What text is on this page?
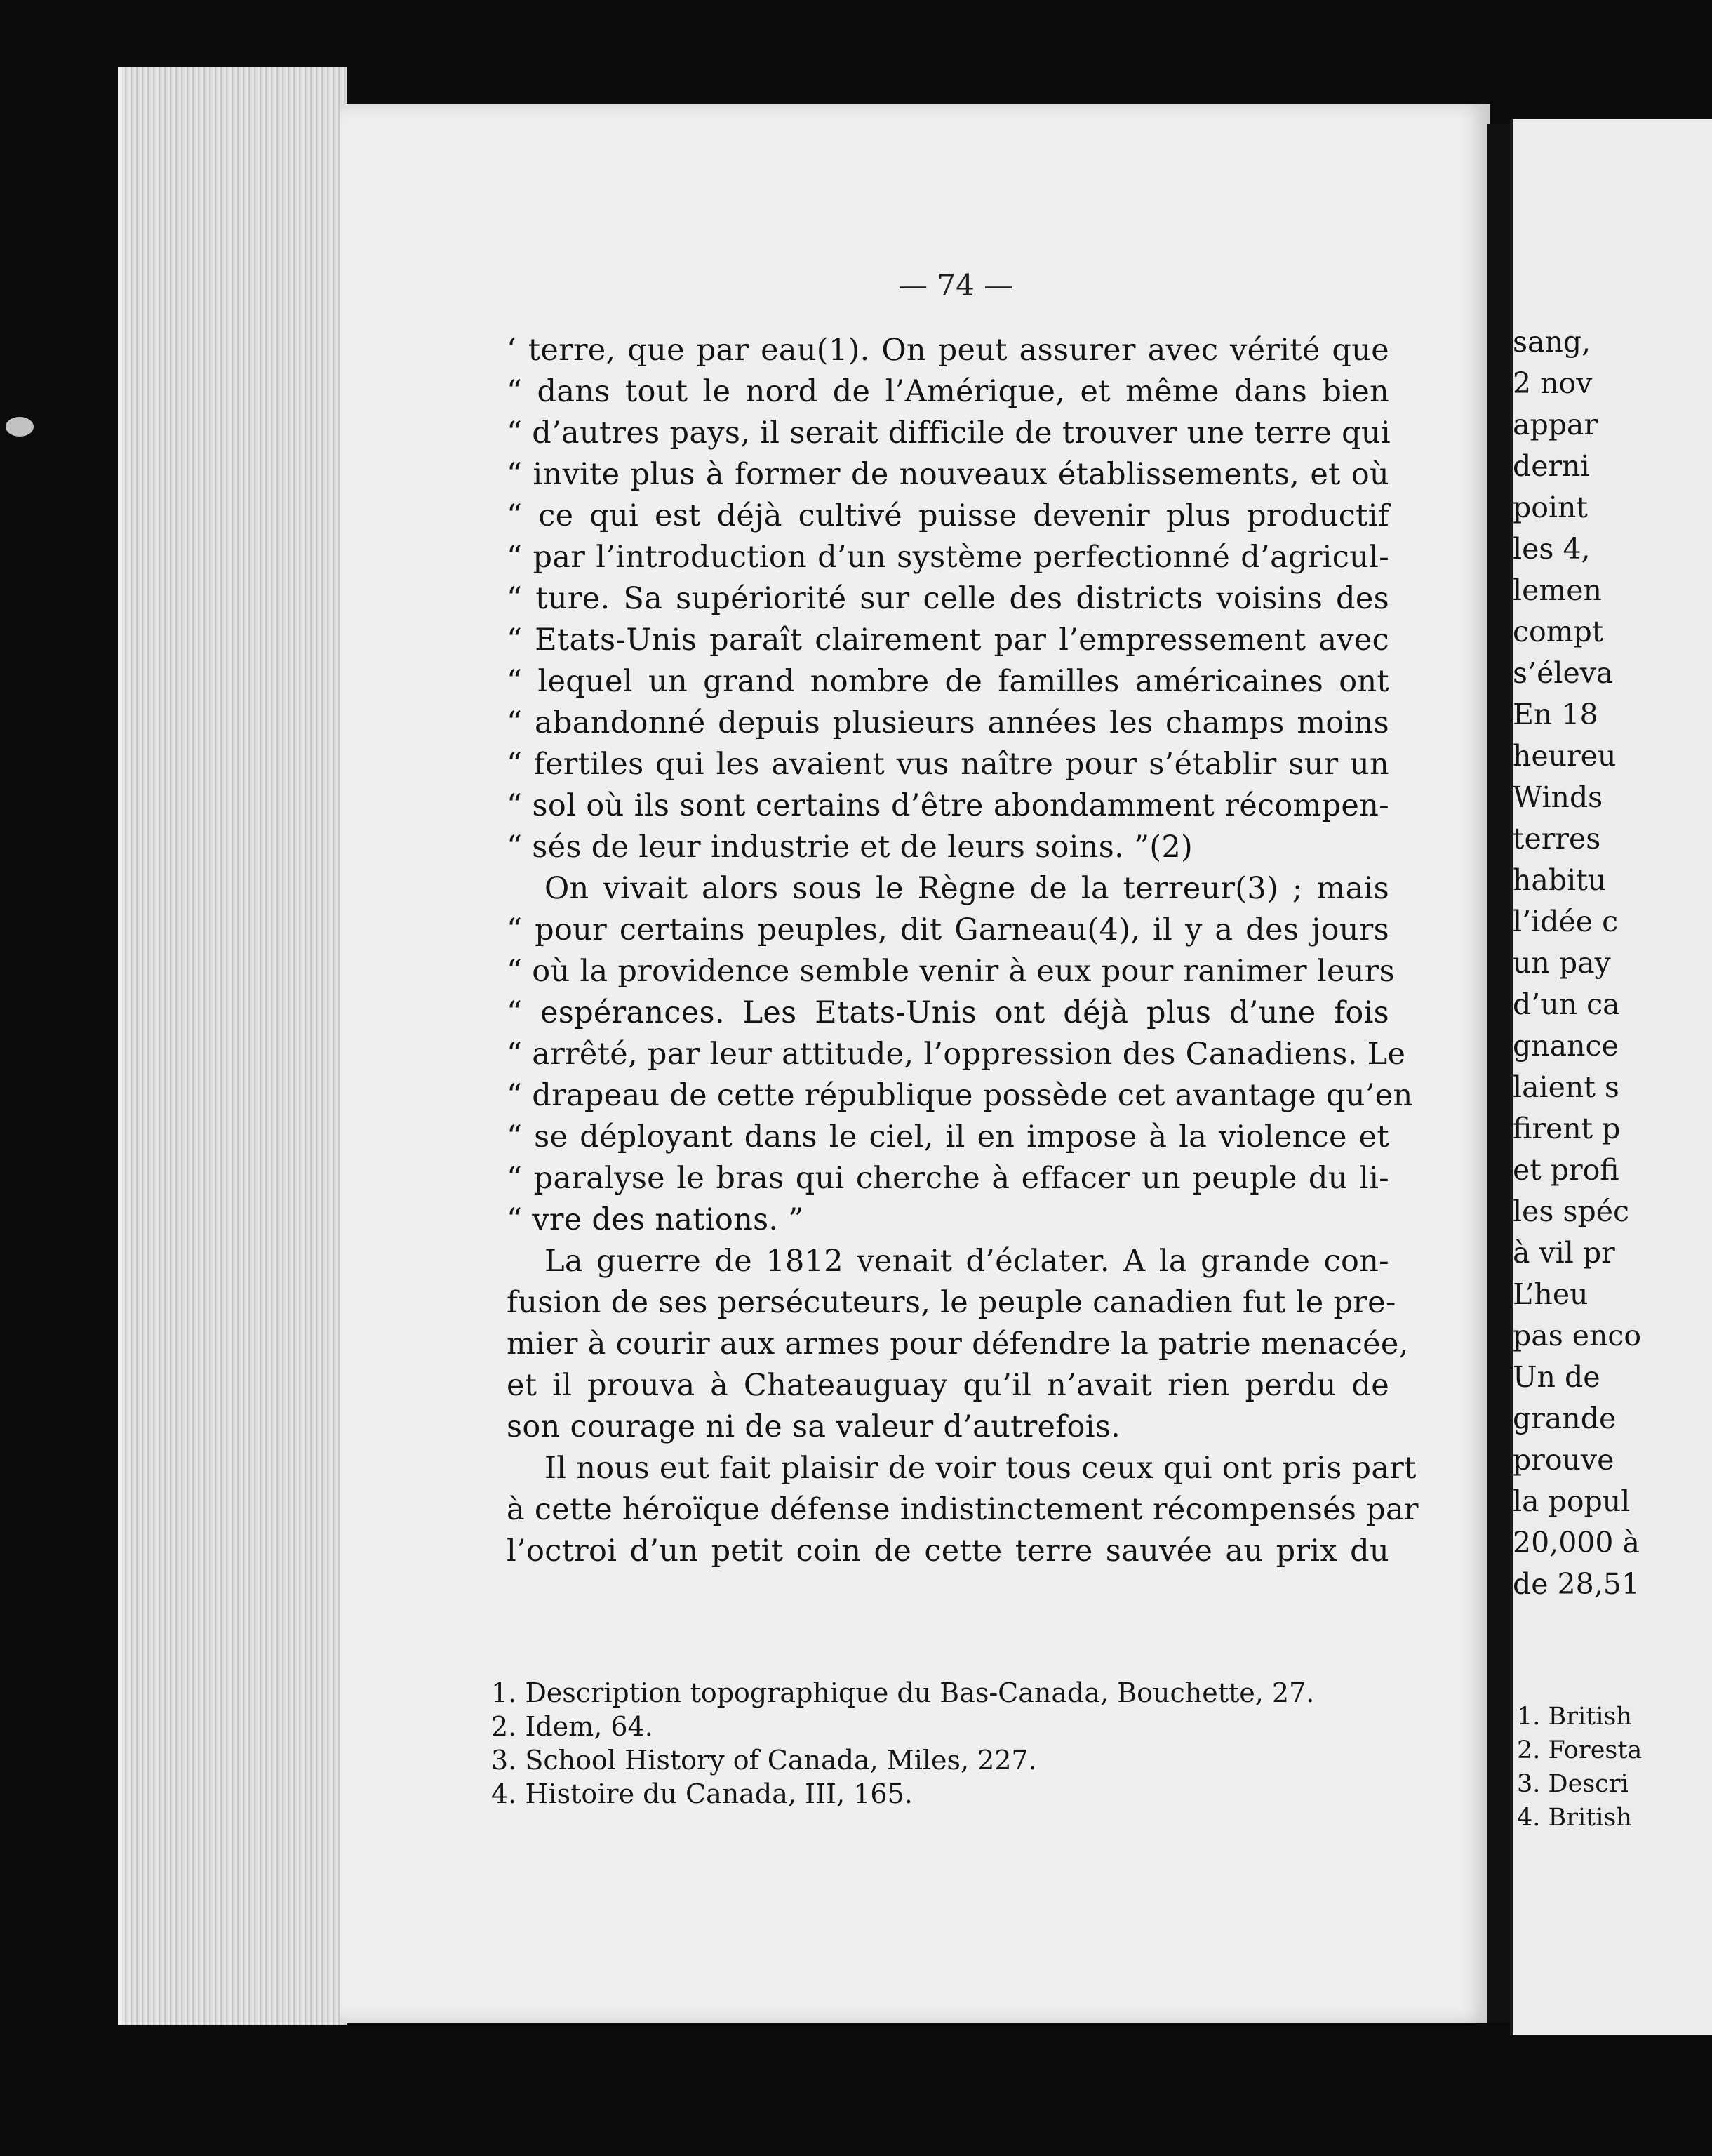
— 74 —
‘ terre, que par eau(1). On peut assurer avec vérité que
“ dans tout le nord de l’Amérique, et même dans bien
“ d’autres pays, il serait difficile de trouver une terre qui
“ invite plus à former de nouveaux établissements, et où
“ ce qui est déjà cultivé puisse devenir plus productif
“ par l’introduction d’un système perfectionné d’agricul-
“ ture. Sa supériorité sur celle des districts voisins des
“ Etats-Unis paraît clairement par l’empressement avec
“ lequel un grand nombre de familles américaines ont
“ abandonné depuis plusieurs années les champs moins
“ fertiles qui les avaient vus naître pour s’établir sur un
“ sol où ils sont certains d’être abondamment récompen-
“ sés de leur industrie et de leurs soins. ”(2)
On vivait alors sous le Règne de la terreur(3) ; mais
“ pour certains peuples, dit Garneau(4), il y a des jours
“ où la providence semble venir à eux pour ranimer leurs
“ espérances. Les Etats-Unis ont déjà plus d’une fois
“ arrêté, par leur attitude, l’oppression des Canadiens. Le
“ drapeau de cette république possède cet avantage qu’en
“ se déployant dans le ciel, il en impose à la violence et
“ paralyse le bras qui cherche à effacer un peuple du li-
“ vre des nations. ”
La guerre de 1812 venait d’éclater. A la grande con-
fusion de ses persécuteurs, le peuple canadien fut le pre-
mier à courir aux armes pour défendre la patrie menacée,
et il prouva à Chateauguay qu’il n’avait rien perdu de
son courage ni de sa valeur d’autrefois.
Il nous eut fait plaisir de voir tous ceux qui ont pris part
à cette héroïque défense indistinctement récompensés par
l’octroi d’un petit coin de cette terre sauvée au prix du
1. Description topographique du Bas-Canada, Bouchette, 27.
2. Idem, 64.
3. School History of Canada, Miles, 227.
4. Histoire du Canada, III, 165.
sang,
2 nov
appar
derni
point
les 4,
lemen
compt
s’éleva
En 18
heureu
Winds
terres
habitu
l’idée c
un pay
d’un ca
gnance
laient s
firent p
et profi
les spéc
à vil pr
L’heu
pas enco
Un de
grande
prouve
la popul
20,000 à
de 28,51
1. British
2. Foresta
3. Descri
4. British
